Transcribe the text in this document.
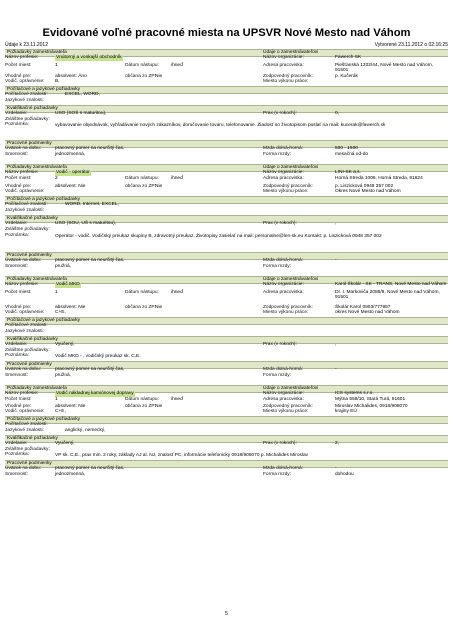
Evidované voľné pracovné miesta na UPSVR Nové Mesto nad Váhom
Údaje k 23.11.2012	Vytvorené 23.11.2012 o 02:16:25
Požiadavky zamestnávateľa	Údaje o zamestnávateľovi
Názov profesie:	Vnútorný a vonkajší obchodník	Názov organizácie:	Fawerch SK
Počet miest:	1	Dátum nástupu:	ihneď	Adresa pracoviska:	Piešťanská 1202/44, Nové Mesto nad Váhom, 91501
Vhodné pre:	absolvent: Áno	občana zo ZP: Nie	Zodpovedný pracovník:	p. Kučerák
Vodič. oprávnenie: B,	Miesto výkonu práce:
Počítačové a jazykové požiadavky
Počítačové znalosti:	EXCEL, WORD,
Jazykové znalosti:
Kvalifikačné požiadavky
Vzdelanie:	USO (SOŠ s maturitou),	Prax (v rokoch):	0,
Zvláštne požiadavky:
Poznámka:	vybavovanie objednávok, vyhľadávanie nových zákazníkov, doručovanie tovaru, telefonovanie. Žiadosť so životopisom poslať na mail: kucerak@fawerch.sk
Pracovné podmienky
Úväzok na dobu:	pracovný pomer na neurčitý čas,	Mzda dolná-horná:	500 - 1500
Smennosť:	jednozmenná,	Forma mzdy:	mesačná od-do
Požiadavky zamestnávateľa	Údaje o zamestnávateľovi
Názov profesie:	Vodič - operátor	Názov organizácie:	LINI-SK a.s.
Počet miest:	2	Dátum nástupu:	ihneď	Adresa pracoviska:	Horná Streda 1006, Horná Streda, 91624
Vhodné pre:	absolvent: Nie	občana zo ZP: Nie	Zodpovedný pracovník:	p. Liszicková 0948 357 002
Vodič. oprávnenie:	Miesto výkonu práce:	Okres Nové Mesto nad Váhom
Počítačové a jazykové požiadavky
Počítačové znalosti:	WORD, Internet, EXCEL,
Jazykové znalosti:
Kvalifikačné požiadavky
Vzdelanie:	USO (SOU, UŠ s maturitou),	Prax (v rokoch):	,
Zvláštne požiadavky:
Poznámka:	Operátor - vodič. Vodičský preukaz skupiny B, zdravotný preukaz. Životopisy zasielať na mail: personalne@len-sk.eu Kontakt: p. Liszicková 0948 357 002
Pracovné podmienky
Úväzok na dobu:	pracovný pomer na neurčitý čas,	Mzda dolná-horná:	-
Smennosť:	pružná,	Forma mzdy:
Požiadavky zamestnávateľa	Údaje o zamestnávateľovi
Názov profesie:	Vodič MKD	Názov organizácie:	Karol Školár - SK - TRANS, Nové Mesto nad Váhom
Počet miest:	1	Dátum nástupu:	ihneď	Adresa pracoviska:	Dr. I. Markoviča 2086/9, Nové Mesto nad Váhom, 91501
Vhodné pre:	absolvent: Nie	občana zo ZP: Nie	Zodpovedný pracovník:	Školár Karol 0903/777957
Vodič. oprávnenie: C+E,	Miesto výkonu práce:	okres Nové Mesto nad Váhom
Počítačové a jazykové požiadavky
Počítačové znalosti:
Jazykové znalosti:
Kvalifikačné požiadavky
Vzdelanie:	Vyučený,	Prax (v rokoch):	,
Zvláštne požiadavky:
Poznámka:	Vodič MKD - , vodičský preukaz sk. C,E.
Pracovné podmienky
Úväzok na dobu:	pracovný pomer na neurčitý čas,	Mzda dolná-horná:	-
Smennosť:	pružná,	Forma mzdy:
Požiadavky zamestnávateľa	Údaje o zamestnávateľovi
Názov profesie:	Vodič nákladnej kamiónovej dopravy	Názov organizácie:	ICS systems s.r.o.
Počet miest:	1	Dátum nástupu:	ihneď	Adresa pracoviska:	Mýtna 558/10, Stará Turá, 91601
Vhodné pre:	absolvent: Nie	občana zo ZP: Nie	Zodpovedný pracovník:	Miroslav Michalides, 0918/908070
Vodič. oprávnenie: C+E,	Miesto výkonu práce:	krajiny EÚ
Počítačové a jazykové požiadavky
Počítačové znalosti:
Jazykové znalosti:	anglický, nemecký,
Kvalifikačné požiadavky
Vzdelanie:	Vyučený,	Prax (v rokoch):	2,
Zvláštne požiadavky:
Poznámka:	VP sk. C,E., prax min. 2 roky, základy AJ al. NJ, znalosť PC, informácie telefonicky 0918/908070 p. Michalides Miroslav
Pracovné podmienky
Úväzok na dobu:	pracovný pomer na neurčitý čas,	Mzda dolná-horná:	-
Smennosť:	jednozmenná,	Forma mzdy:	dohodou
5
